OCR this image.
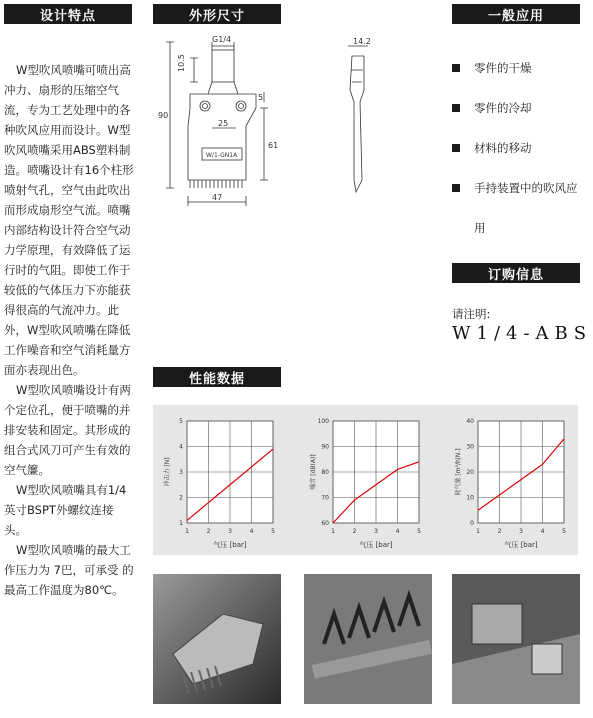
设计特点	外形尺寸	一般应用
订购信息
性能数据

W型吹风喷嘴可喷出高冲力、扇形的压缩空气流，专为工艺处理中的各种吹风应用而设计。W型吹风喷嘴采用ABS塑料制造。喷嘴设计有16个柱形喷射气孔，空气由此吹出而形成扇形空气流。喷嘴内部结构设计符合空气动力学原理，有效降低了运行时的气阻。即使工作于较低的气体压力下亦能获得很高的气流冲力。此外，W型吹风喷嘴在降低工作噪音和空气消耗量方面亦表现出色。

W型吹风喷嘴设计有两个定位孔，便于喷嘴的并排安装和固定。其形成的组合式风刀可产生有效的空气簾。

W型吹风喷嘴具有1/4英寸BSPT外螺纹连接头。

W型吹风喷嘴的最大工作压力为 7巴，可承受 的最高工作温度为80℃。

G1/4
90
10.5
5
25
61
47
14.2
W/1-GN1A
零件的干燥
零件的冷却
材料的移动
手持装置中的吹风应用
请注明:
W1/4-ABS
1	2	3	4	5
1
2
3
4
5
气压 [bar]
冲击力 [N]
1	2	3	4	5
60
70
80
90
100
气压 [bar]
噪音 [dB(A)]
1	2	3	4	5
0
10
20
30
40
气压 [bar]
耗气量 [m³/h|N.]
